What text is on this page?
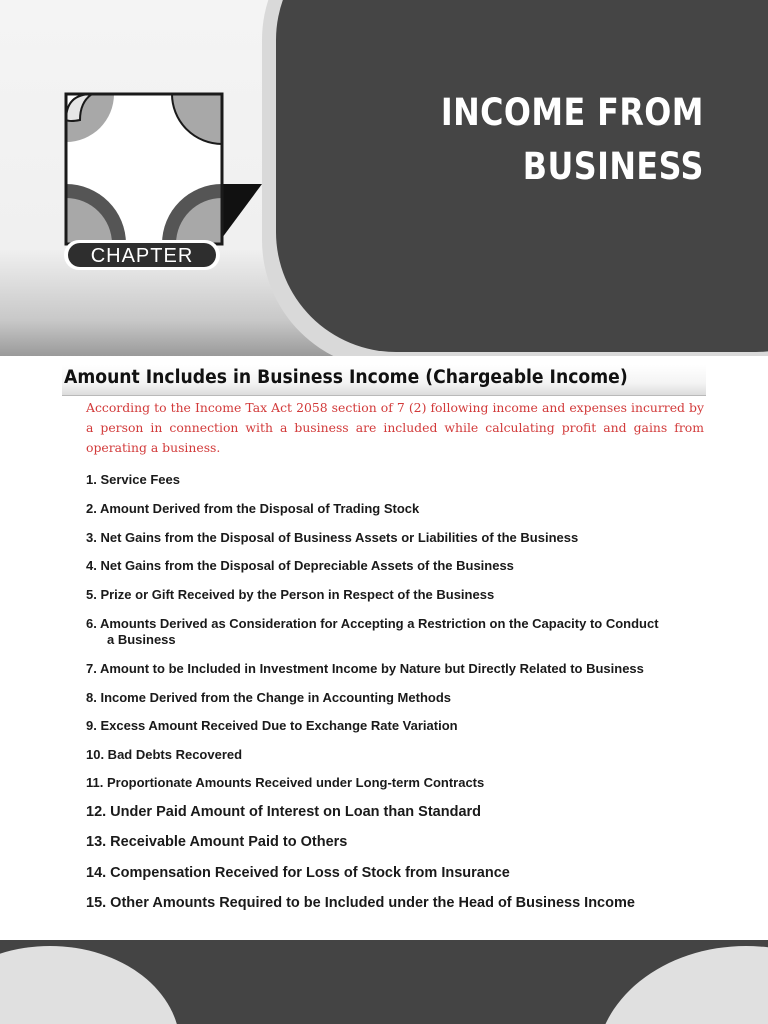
INCOME FROM
BUSINESS
CHAPTER
Amount Includes in Business Income (Chargeable Income)

According to the Income Tax Act 2058 section of 7 (2) following income and expenses incurred by a person in connection with a business are included while calculating profit and gains from operating a business.

1. Service Fees
2. Amount Derived from the Disposal of Trading Stock
3. Net Gains from the Disposal of Business Assets or Liabilities of the Business
4. Net Gains from the Disposal of Depreciable Assets of the Business
5. Prize or Gift Received by the Person in Respect of the Business
6. Amounts Derived as Consideration for Accepting a Restriction on the Capacity to Conduct
a Business
7. Amount to be Included in Investment Income by Nature but Directly Related to Business
8. Income Derived from the Change in Accounting Methods
9. Excess Amount Received Due to Exchange Rate Variation
10. Bad Debts Recovered
11. Proportionate Amounts Received under Long-term Contracts
12. Under Paid Amount of Interest on Loan than Standard
13. Receivable Amount Paid to Others
14. Compensation Received for Loss of Stock from Insurance
15. Other Amounts Required to be Included under the Head of Business Income
